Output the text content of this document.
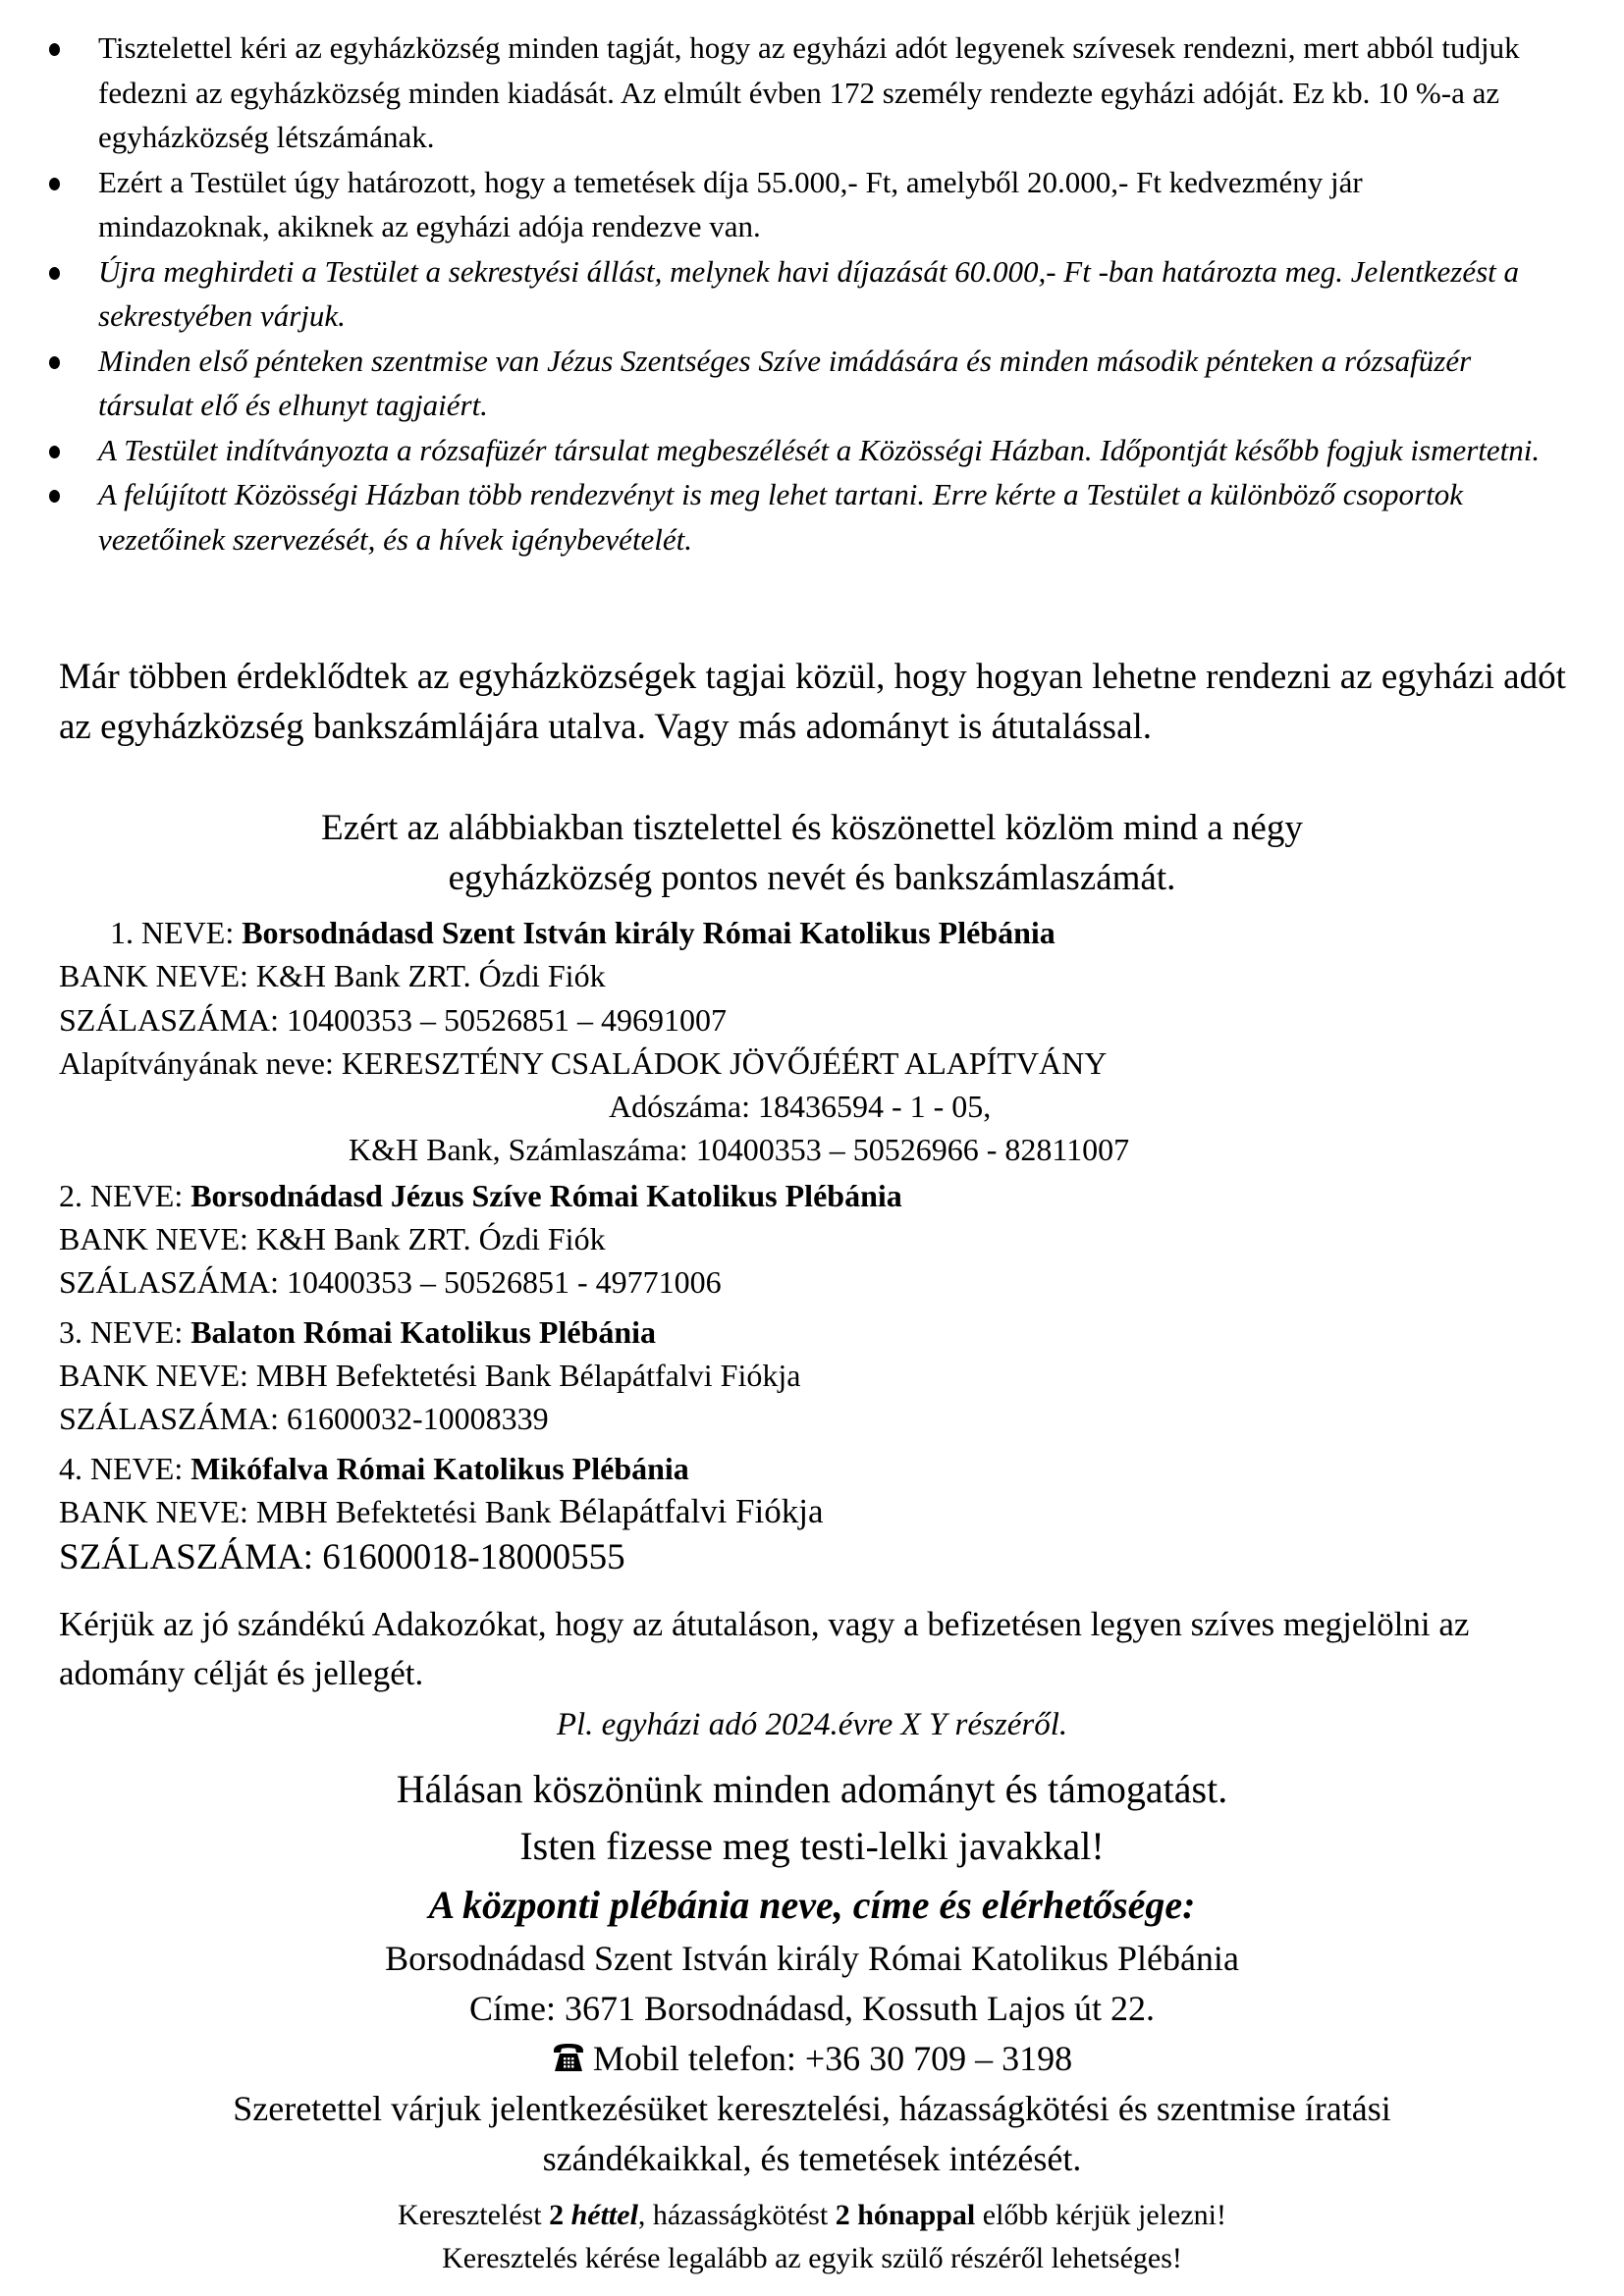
Tisztelettel kéri az egyházközség minden tagját, hogy az egyházi adót legyenek szívesek rendezni, mert abból tudjuk fedezni az egyházközség minden kiadását. Az elmúlt évben 172 személy rendezte egyházi adóját. Ez kb. 10 %-a az egyházközség létszámának.
Ezért a Testület úgy határozott, hogy a temetések díja 55.000,- Ft, amelyből 20.000,- Ft kedvezmény jár mindazoknak, akiknek az egyházi adója rendezve van.
Újra meghirdeti a Testület a sekrestyési állást, melynek havi díjazását 60.000,- Ft -ban határozta meg. Jelentkezést a sekrestyében várjuk.
Minden első pénteken szentmise van Jézus Szentséges Szíve imádására és minden második pénteken a rózsafüzér társulat elő és elhunyt tagjaiért.
A Testület indítványozta a rózsafüzér társulat megbeszélését a Közösségi Házban. Időpontját később fogjuk ismertetni.
A felújított Közösségi Házban több rendezvényt is meg lehet tartani. Erre kérte a Testület a különböző csoportok vezetőinek szervezését, és a hívek igénybevételét.
Már többen érdeklődtek az egyházközségek tagjai közül, hogy hogyan lehetne rendezni az egyházi adót az egyházközség bankszámlájára utalva. Vagy más adományt is átutalással.
Ezért az alábbiakban tisztelettel és köszönettel közlöm mind a négy
egyházközség pontos nevét és bankszámlaszámát.
1. NEVE: Borsodnádasd Szent István király Római Katolikus Plébánia
BANK NEVE: K&H Bank ZRT. Ózdi Fiók
SZÁLASZÁMA: 10400353 – 50526851 – 49691007
Alapítványának neve: KERESZTÉNY CSALÁDOK JÖVŐJÉÉRT ALAPÍTVÁNY
Adószáma: 18436594 - 1 - 05,
K&H Bank, Számlaszáma: 10400353 – 50526966 - 82811007
2. NEVE: Borsodnádasd Jézus Szíve Római Katolikus Plébánia
BANK NEVE: K&H Bank ZRT. Ózdi Fiók
SZÁLASZÁMA: 10400353 – 50526851 - 49771006
3. NEVE: Balaton Római Katolikus Plébánia
BANK NEVE: MBH Befektetési Bank Bélapátfalvi Fiókja
SZÁLASZÁMA: 61600032-10008339
4. NEVE: Mikófalva Római Katolikus Plébánia
BANK NEVE: MBH Befektetési Bank Bélapátfalvi Fiókja
SZÁLASZÁMA: 61600018-18000555
Kérjük az jó szándékú Adakozókat, hogy az átutaláson, vagy a befizetésen legyen szíves megjelölni az adomány célját és jellegét.
Pl. egyházi adó 2024.évre X Y részéről.
Hálásan köszönünk minden adományt és támogatást.
Isten fizesse meg testi-lelki javakkal!
A központi plébánia neve, címe és elérhetősége:
Borsodnádasd Szent István király Római Katolikus Plébánia
Címe: 3671 Borsodnádasd, Kossuth Lajos út 22.
Mobil telefon: +36 30 709 – 3198
Szeretettel várjuk jelentkezésüket keresztelési, házasságkötési és szentmise íratási
szándékaikkal, és temetések intézését.
Keresztelést 2 héttel, házasságkötést 2 hónappal előbb kérjük jelezni!
Keresztelés kérése legalább az egyik szülő részéről lehetséges!
